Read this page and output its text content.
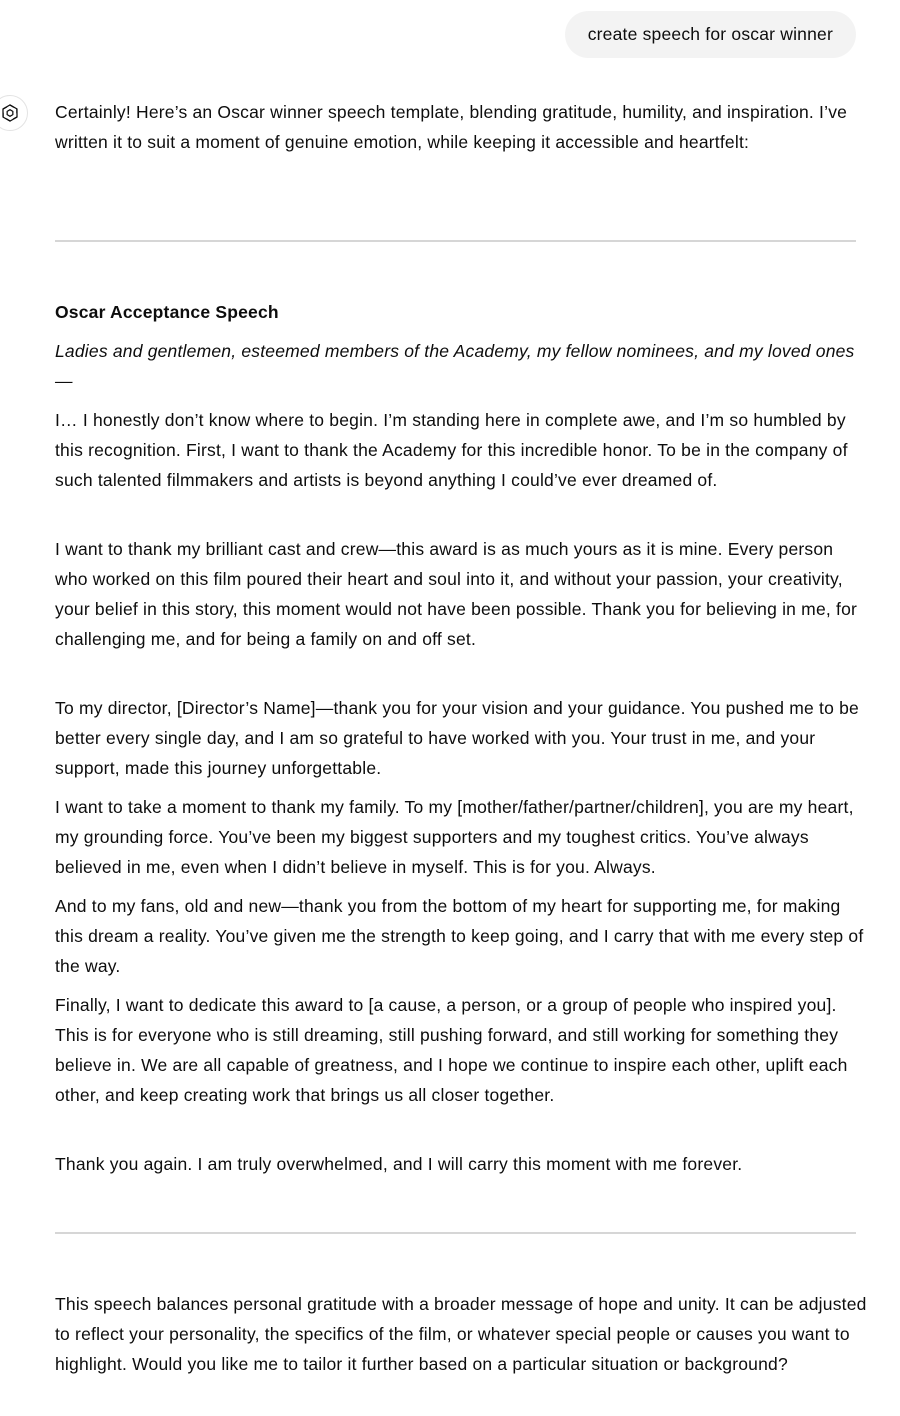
create speech for oscar winner

Certainly! Here’s an Oscar winner speech template, blending gratitude, humility, and inspiration. I’ve written it to suit a moment of genuine emotion, while keeping it accessible and heartfelt:

Oscar Acceptance Speech

Ladies and gentlemen, esteemed members of the Academy, my fellow nominees, and my loved ones—

I… I honestly don’t know where to begin. I’m standing here in complete awe, and I’m so humbled by this recognition. First, I want to thank the Academy for this incredible honor. To be in the company of such talented filmmakers and artists is beyond anything I could’ve ever dreamed of.

I want to thank my brilliant cast and crew—this award is as much yours as it is mine. Every person who worked on this film poured their heart and soul into it, and without your passion, your creativity, your belief in this story, this moment would not have been possible. Thank you for believing in me, for challenging me, and for being a family on and off set.

To my director, [Director’s Name]—thank you for your vision and your guidance. You pushed me to be better every single day, and I am so grateful to have worked with you. Your trust in me, and your support, made this journey unforgettable.

I want to take a moment to thank my family. To my [mother/father/partner/children], you are my heart, my grounding force. You’ve been my biggest supporters and my toughest critics. You’ve always believed in me, even when I didn’t believe in myself. This is for you. Always.

And to my fans, old and new—thank you from the bottom of my heart for supporting me, for making this dream a reality. You’ve given me the strength to keep going, and I carry that with me every step of the way.

Finally, I want to dedicate this award to [a cause, a person, or a group of people who inspired you]. This is for everyone who is still dreaming, still pushing forward, and still working for something they believe in. We are all capable of greatness, and I hope we continue to inspire each other, uplift each other, and keep creating work that brings us all closer together.

Thank you again. I am truly overwhelmed, and I will carry this moment with me forever.

This speech balances personal gratitude with a broader message of hope and unity. It can be adjusted to reflect your personality, the specifics of the film, or whatever special people or causes you want to highlight. Would you like me to tailor it further based on a particular situation or background?
